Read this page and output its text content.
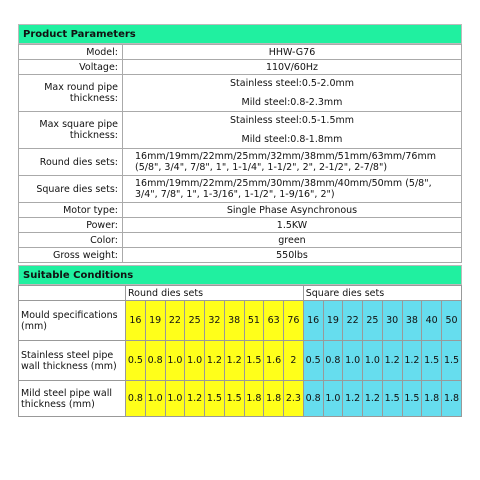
Product Parameters
Model:	HHW-G76

Voltage:	110V/60Hz

Max round pipe thickness:	Stainless steel:0.5-2.0mm
Mild steel:0.8-2.3mm

Max square pipe thickness:	Stainless steel:0.5-1.5mm
Mild steel:0.8-1.8mm

Round dies sets:	16mm/19mm/22mm/25mm/32mm/38mm/51mm/63mm/76mm
(5/8", 3/4", 7/8", 1", 1-1/4", 1-1/2", 2", 2-1/2", 2-7/8")

Square dies sets:	16mm/19mm/22mm/25mm/30mm/38mm/40mm/50mm (5/8",
3/4", 7/8", 1", 1-3/16", 1-1/2", 1-9/16", 2")

Motor type:	Single Phase Asynchronous

Power:	1.5KW

Color:	green

Gross weight:	550lbs
Suitable Conditions
	Round dies sets									Square dies sets							
Mould specifications (mm)	16	19	22	25	32	38	51	63	76	16	19	22	25	30	38	40	50
Stainless steel pipe wall thickness (mm)	0.5	0.8	1.0	1.0	1.2	1.2	1.5	1.6	2	0.5	0.8	1.0	1.0	1.2	1.2	1.5	1.5
Mild steel pipe wall thickness (mm)	0.8	1.0	1.0	1.2	1.5	1.5	1.8	1.8	2.3	0.8	1.0	1.2	1.2	1.5	1.5	1.8	1.8
